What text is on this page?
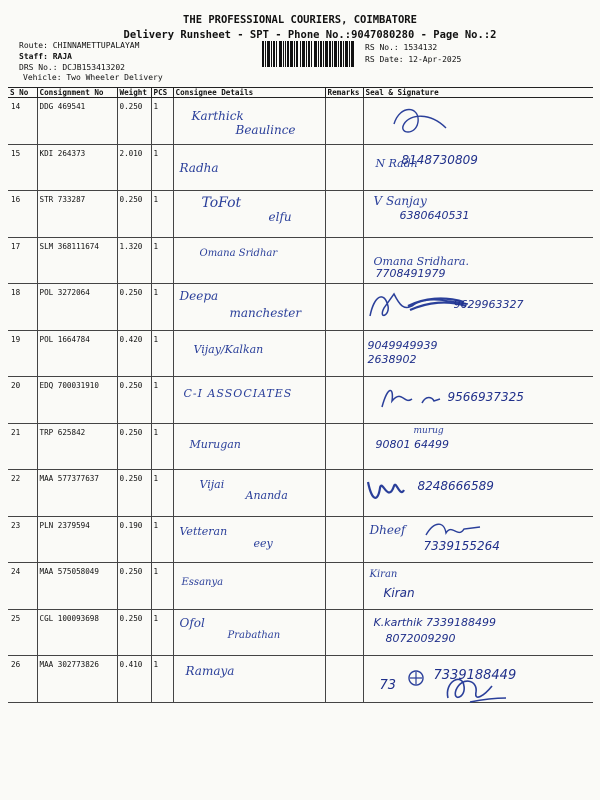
THE PROFESSIONAL COURIERS, COIMBATORE
Delivery Runsheet - SPT - Phone No.:9047080280 - Page No.:2
Route: CHINNAMETTUPALAYAM
Staff: RAJA
DRS No.: DCJB153413202
Vehicle: Two Wheeler Delivery
RS No.: 1534132
RS Date: 12-Apr-2025
S No	Consignment No	Weight	PCS	Consignee Details	Remarks	Seal & Signature
14	DDG 469541	0.250	1	Karthick
Beaulince

15	KDI 264373	2.010	1	Radha		N Radh
8148730809

16	STR 733287	0.250	1	ToFot
elfu		V Sanjay
6380640531

17	SLM 368111674	1.320	1	Omana Sridhar		Omana Sridhara.
7708491979

18	POL 3272064	0.250	1	Deepa
manchester		9629963327

19	POL 1664784	0.420	1	Vijay/Kalkan		9049949939
2638902

20	EDQ 700031910	0.250	1	C-I ASSOCIATES		9566937325

21	TRP 625842	0.250	1	Murugan		murug
90801 64499

22	MAA 577377637	0.250	1	Vijai
Ananda		8248666589

23	PLN 2379594	0.190	1	Vetteran
eey		Dheef
7339155264

24	MAA 575058049	0.250	1	Essanya		Kiran
Kiran

25	CGL 100093698	0.250	1	Ofol
Prabathan		K.karthik 7339188499
8072009290

26	MAA 302773826	0.410	1	Ramaya		73
7339188449
